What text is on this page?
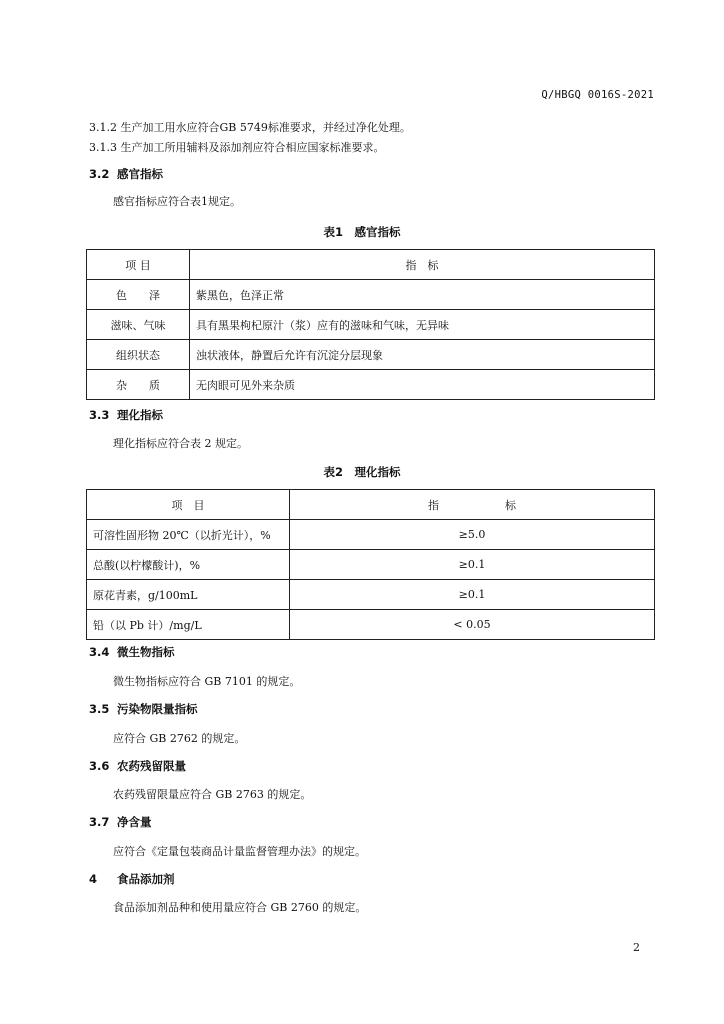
Q/HBGQ 0016S-2021
3.1.2 生产加工用水应符合GB 5749标准要求，并经过净化处理。
3.1.3 生产加工所用辅料及添加剂应符合相应国家标准要求。
3.2 感官指标
感官指标应符合表1规定。
表1　感官指标
项 目	指　标
色　　泽	紫黑色，色泽正常
滋味、气味	具有黑果枸杞原汁（浆）应有的滋味和气味，无异味
组织状态	浊状液体，静置后允许有沉淀分层现象
杂　　质	无肉眼可见外来杂质
3.3 理化指标
理化指标应符合表 2 规定。
表2　理化指标
项　目	指　　　　　　标
可溶性固形物 20℃（以折光计），%	≥5.0
总酸(以柠檬酸计)，%	≥0.1
原花青素，g/100mL	≥0.1
铅（以 Pb 计）/mg/L	< 0.05
3.4 微生物指标
微生物指标应符合 GB 7101 的规定。
3.5 污染物限量指标
应符合 GB 2762 的规定。
3.6 农药残留限量
农药残留限量应符合 GB 2763 的规定。
3.7 净含量
应符合《定量包装商品计量监督管理办法》的规定。
4 食品添加剂
食品添加剂品种和使用量应符合 GB 2760 的规定。
2
